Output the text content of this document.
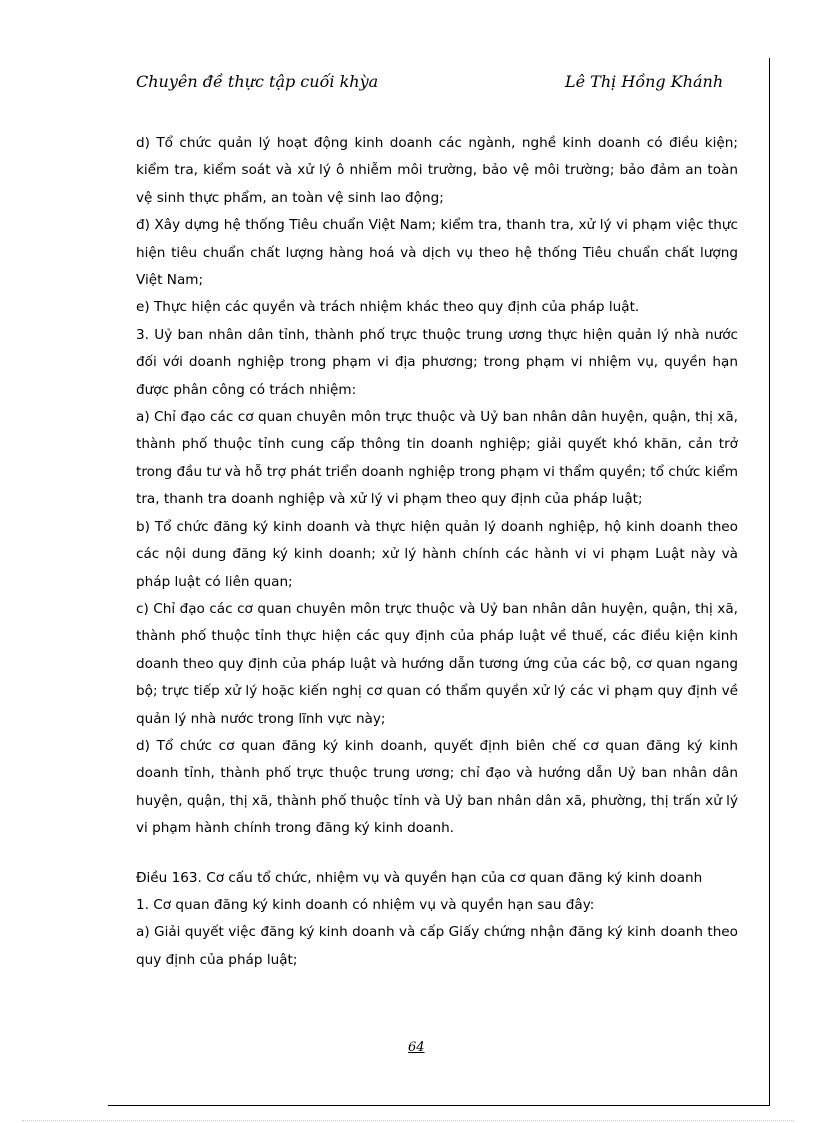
Chuyên đề thực tập cuối khỳa	Lê Thị Hồng Khánh

d) Tổ chức quản lý hoạt động kinh doanh các ngành, nghề kinh doanh có điều kiện; kiểm tra, kiểm soát và xử lý ô nhiễm môi trường, bảo vệ môi trường; bảo đảm an toàn vệ sinh thực phẩm, an toàn vệ sinh lao động;

đ) Xây dựng hệ thống Tiêu chuẩn Việt Nam; kiểm tra, thanh tra, xử lý vi phạm việc thực hiện tiêu chuẩn chất lượng hàng hoá và dịch vụ theo hệ thống Tiêu chuẩn chất lượng Việt Nam;

e) Thực hiện các quyền và trách nhiệm khác theo quy định của pháp luật.

3. Uỷ ban nhân dân tỉnh, thành phố trực thuộc trung ương thực hiện quản lý nhà nước đối với doanh nghiệp trong phạm vi địa phương; trong phạm vi nhiệm vụ, quyền hạn được phân công có trách nhiệm:

a) Chỉ đạo các cơ quan chuyên môn trực thuộc và Uỷ ban nhân dân huyện, quận, thị xã, thành phố thuộc tỉnh cung cấp thông tin doanh nghiệp; giải quyết khó khăn, cản trở trong đầu tư và hỗ trợ phát triển doanh nghiệp trong phạm vi thẩm quyền; tổ chức kiểm tra, thanh tra doanh nghiệp và xử lý vi phạm theo quy định của pháp luật;

b) Tổ chức đăng ký kinh doanh và thực hiện quản lý doanh nghiệp, hộ kinh doanh theo các nội dung đăng ký kinh doanh; xử lý hành chính các hành vi vi phạm Luật này và pháp luật có liên quan;

c) Chỉ đạo các cơ quan chuyên môn trực thuộc và Uỷ ban nhân dân huyện, quận, thị xã, thành phố thuộc tỉnh thực hiện các quy định của pháp luật về thuế, các điều kiện kinh doanh theo quy định của pháp luật và hướng dẫn tương ứng của các bộ, cơ quan ngang bộ; trực tiếp xử lý hoặc kiến nghị cơ quan có thẩm quyền xử lý các vi phạm quy định về quản lý nhà nước trong lĩnh vực này;

d) Tổ chức cơ quan đăng ký kinh doanh, quyết định biên chế cơ quan đăng ký kinh doanh tỉnh, thành phố trực thuộc trung ương; chỉ đạo và hướng dẫn Uỷ ban nhân dân huyện, quận, thị xã, thành phố thuộc tỉnh và Uỷ ban nhân dân xã, phường, thị trấn xử lý vi phạm hành chính trong đăng ký kinh doanh.

Điều 163. Cơ cấu tổ chức, nhiệm vụ và quyền hạn của cơ quan đăng ký kinh doanh

1. Cơ quan đăng ký kinh doanh có nhiệm vụ và quyền hạn sau đây:

a) Giải quyết việc đăng ký kinh doanh và cấp Giấy chứng nhận đăng ký kinh doanh theo quy định của pháp luật;

64
